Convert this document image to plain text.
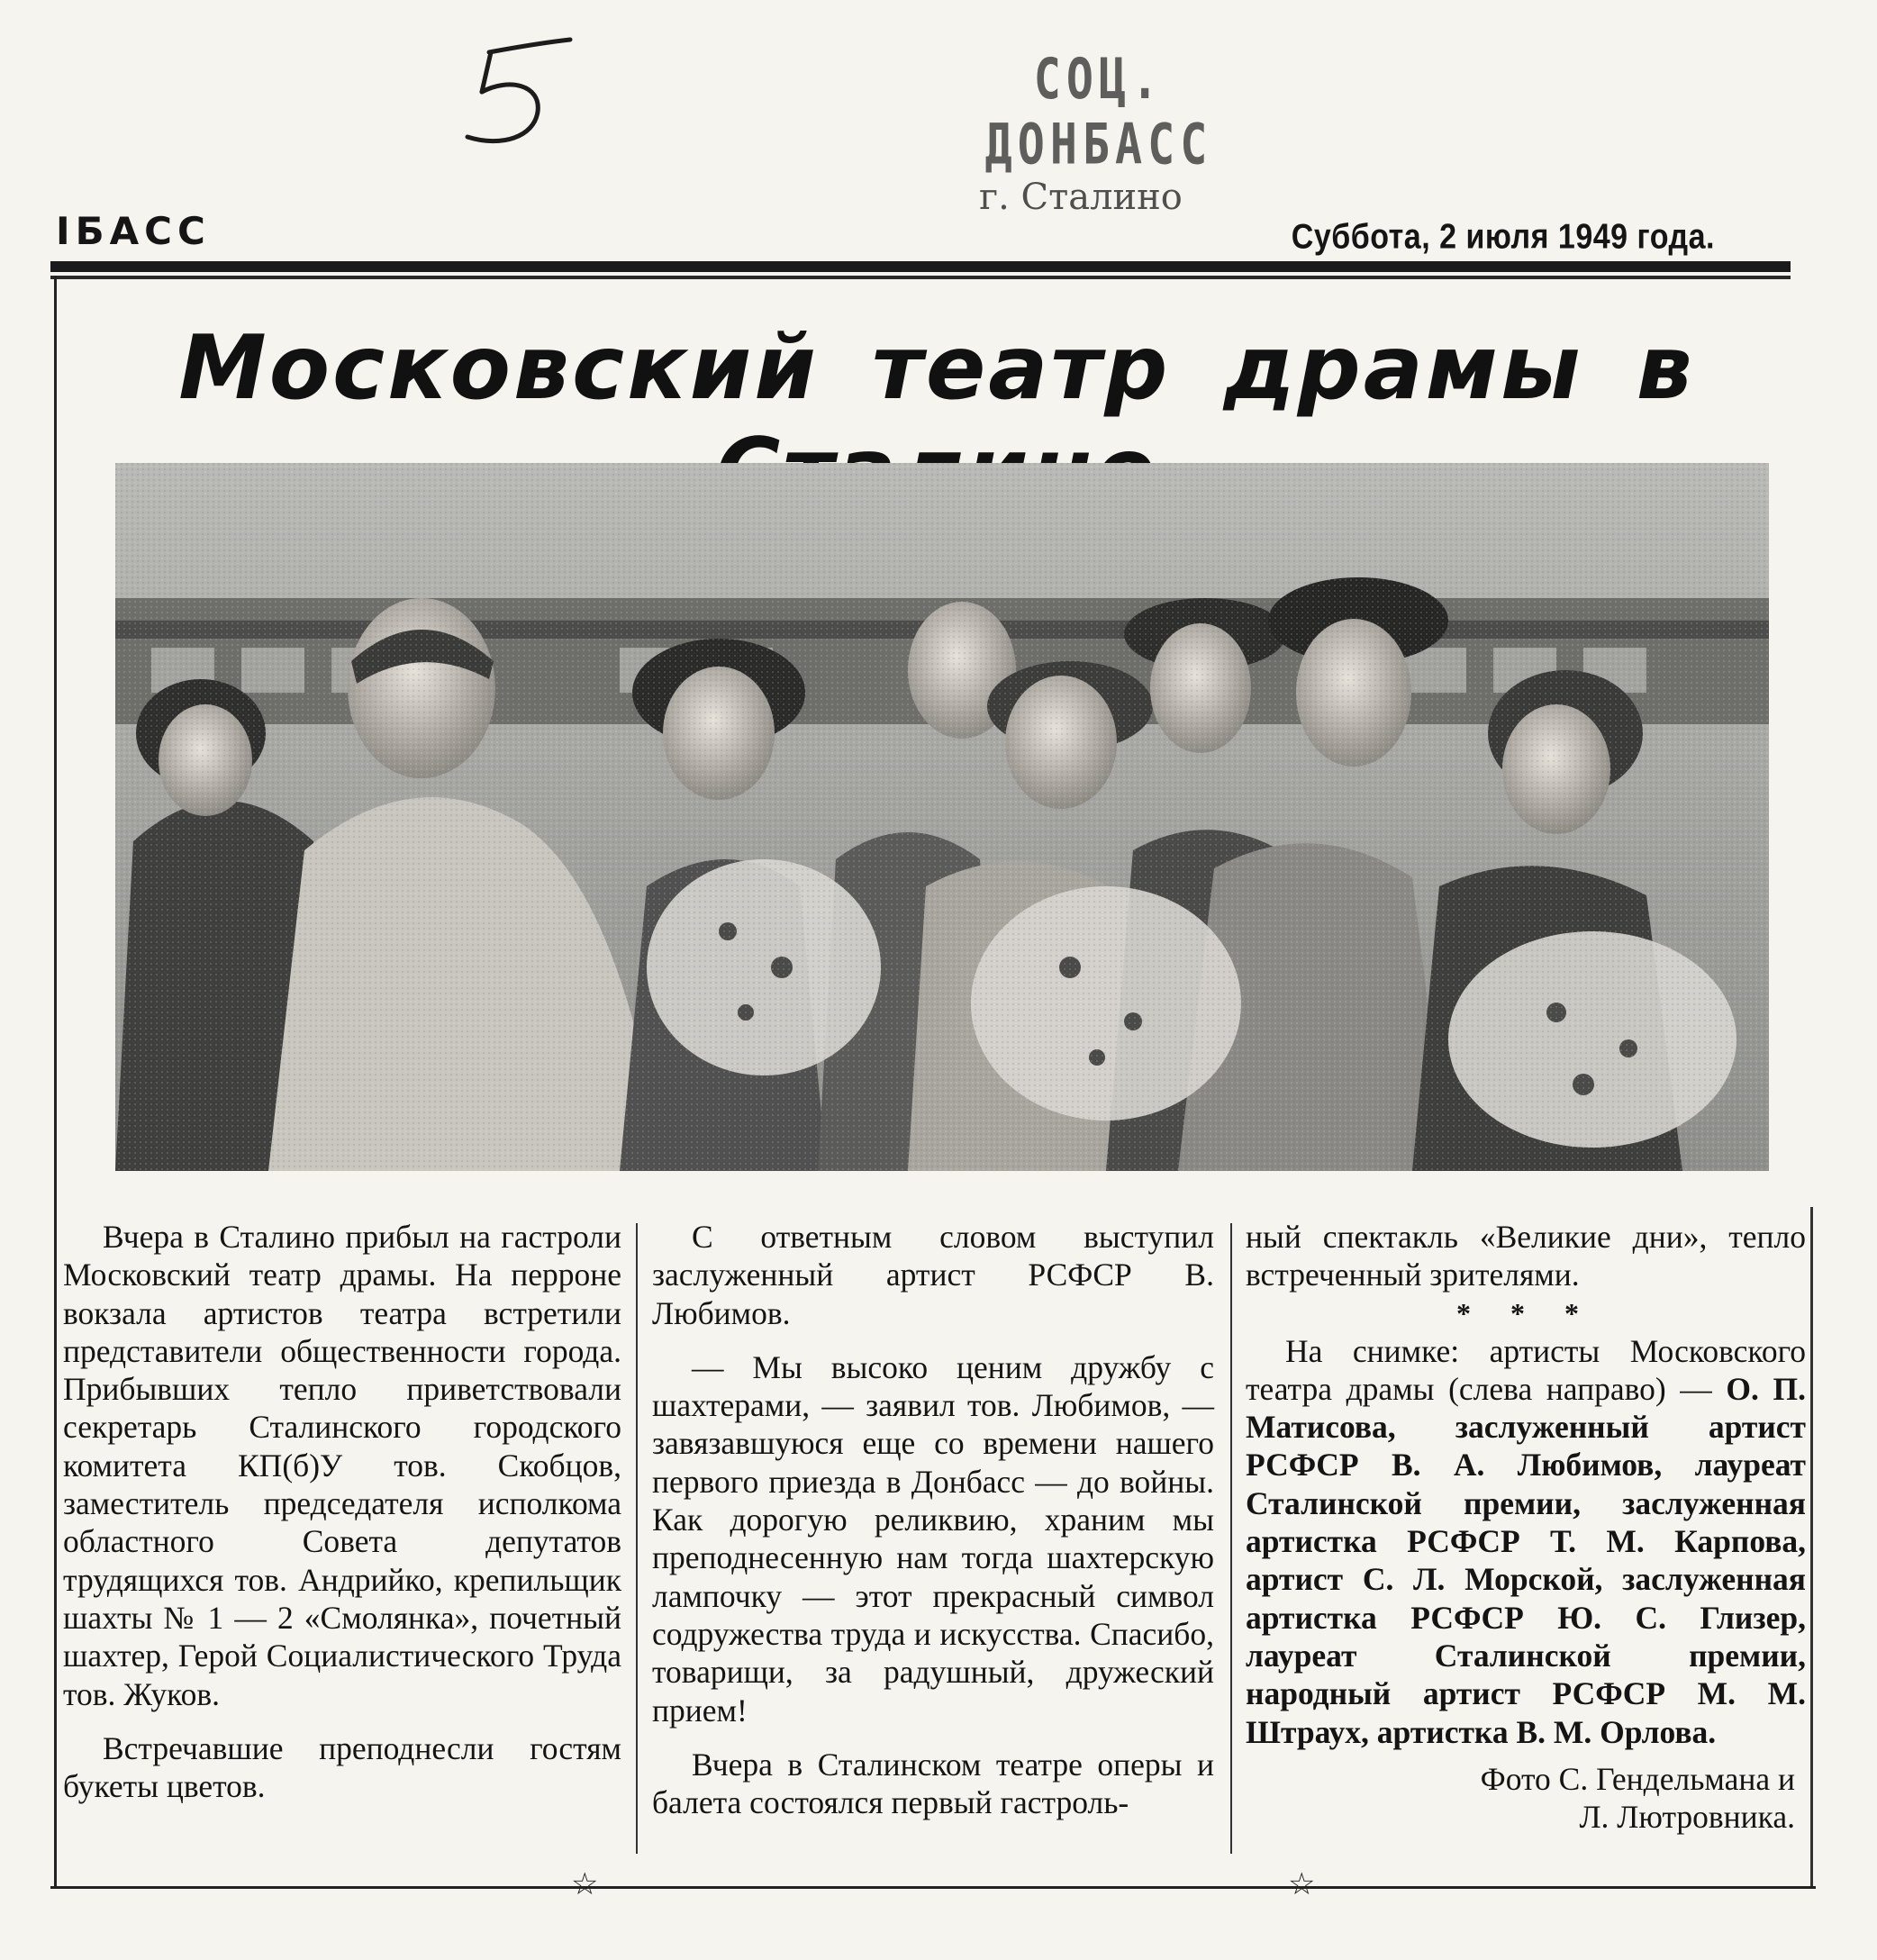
СОЦ. ДОНБАСС
г. Сталино
IБАСС	Суббота, 2 июля 1949 года.
Московский театр драмы в

Вчера в Сталино прибыл на гастроли Московский театр драмы. На перроне вокзала артистов театра встретили представители общественности города. Прибывших тепло приветствовали секретарь Сталинского городского комитета КП(б)У тов. Скобцов, заместитель председателя исполкома областного Совета депутатов трудящихся тов. Андрийко, крепильщик шахты № 1 — 2 «Смолянка», почетный шахтер, Герой Социалистического Труда тов. Жуков.

Встречавшие преподнесли гостям букеты цветов.

С ответным словом выступил заслуженный артист РСФСР В. Любимов.

— Мы высоко ценим дружбу с шахтерами, — заявил тов. Любимов, — завязавшуюся еще со времени нашего первого приезда в Донбасс — до войны. Как дорогую реликвию, храним мы преподнесенную нам тогда шахтерскую лампочку — этот прекрасный символ содружества труда и искусства. Спасибо, товарищи, за радушный, дружеский прием!

Вчера в Сталинском театре оперы и балета состоялся первый гастроль-

ный спектакль «Великие дни», тепло встреченный зрителями.

* * *

На снимке: артисты Московского театра драмы (слева направо) — О. П. Матисова, заслуженный артист РСФСР В. А. Любимов, лауреат Сталинской премии, заслуженная артистка РСФСР Т. М. Карпова, артист С. Л. Морской, заслуженная артистка РСФСР Ю. С. Глизер, лауреат Сталинской премии, народный артист РСФСР М. М. Штраух, артистка В. М. Орлова.

Фото С. Гендельмана и

Л. Лютровника.

☆	☆
